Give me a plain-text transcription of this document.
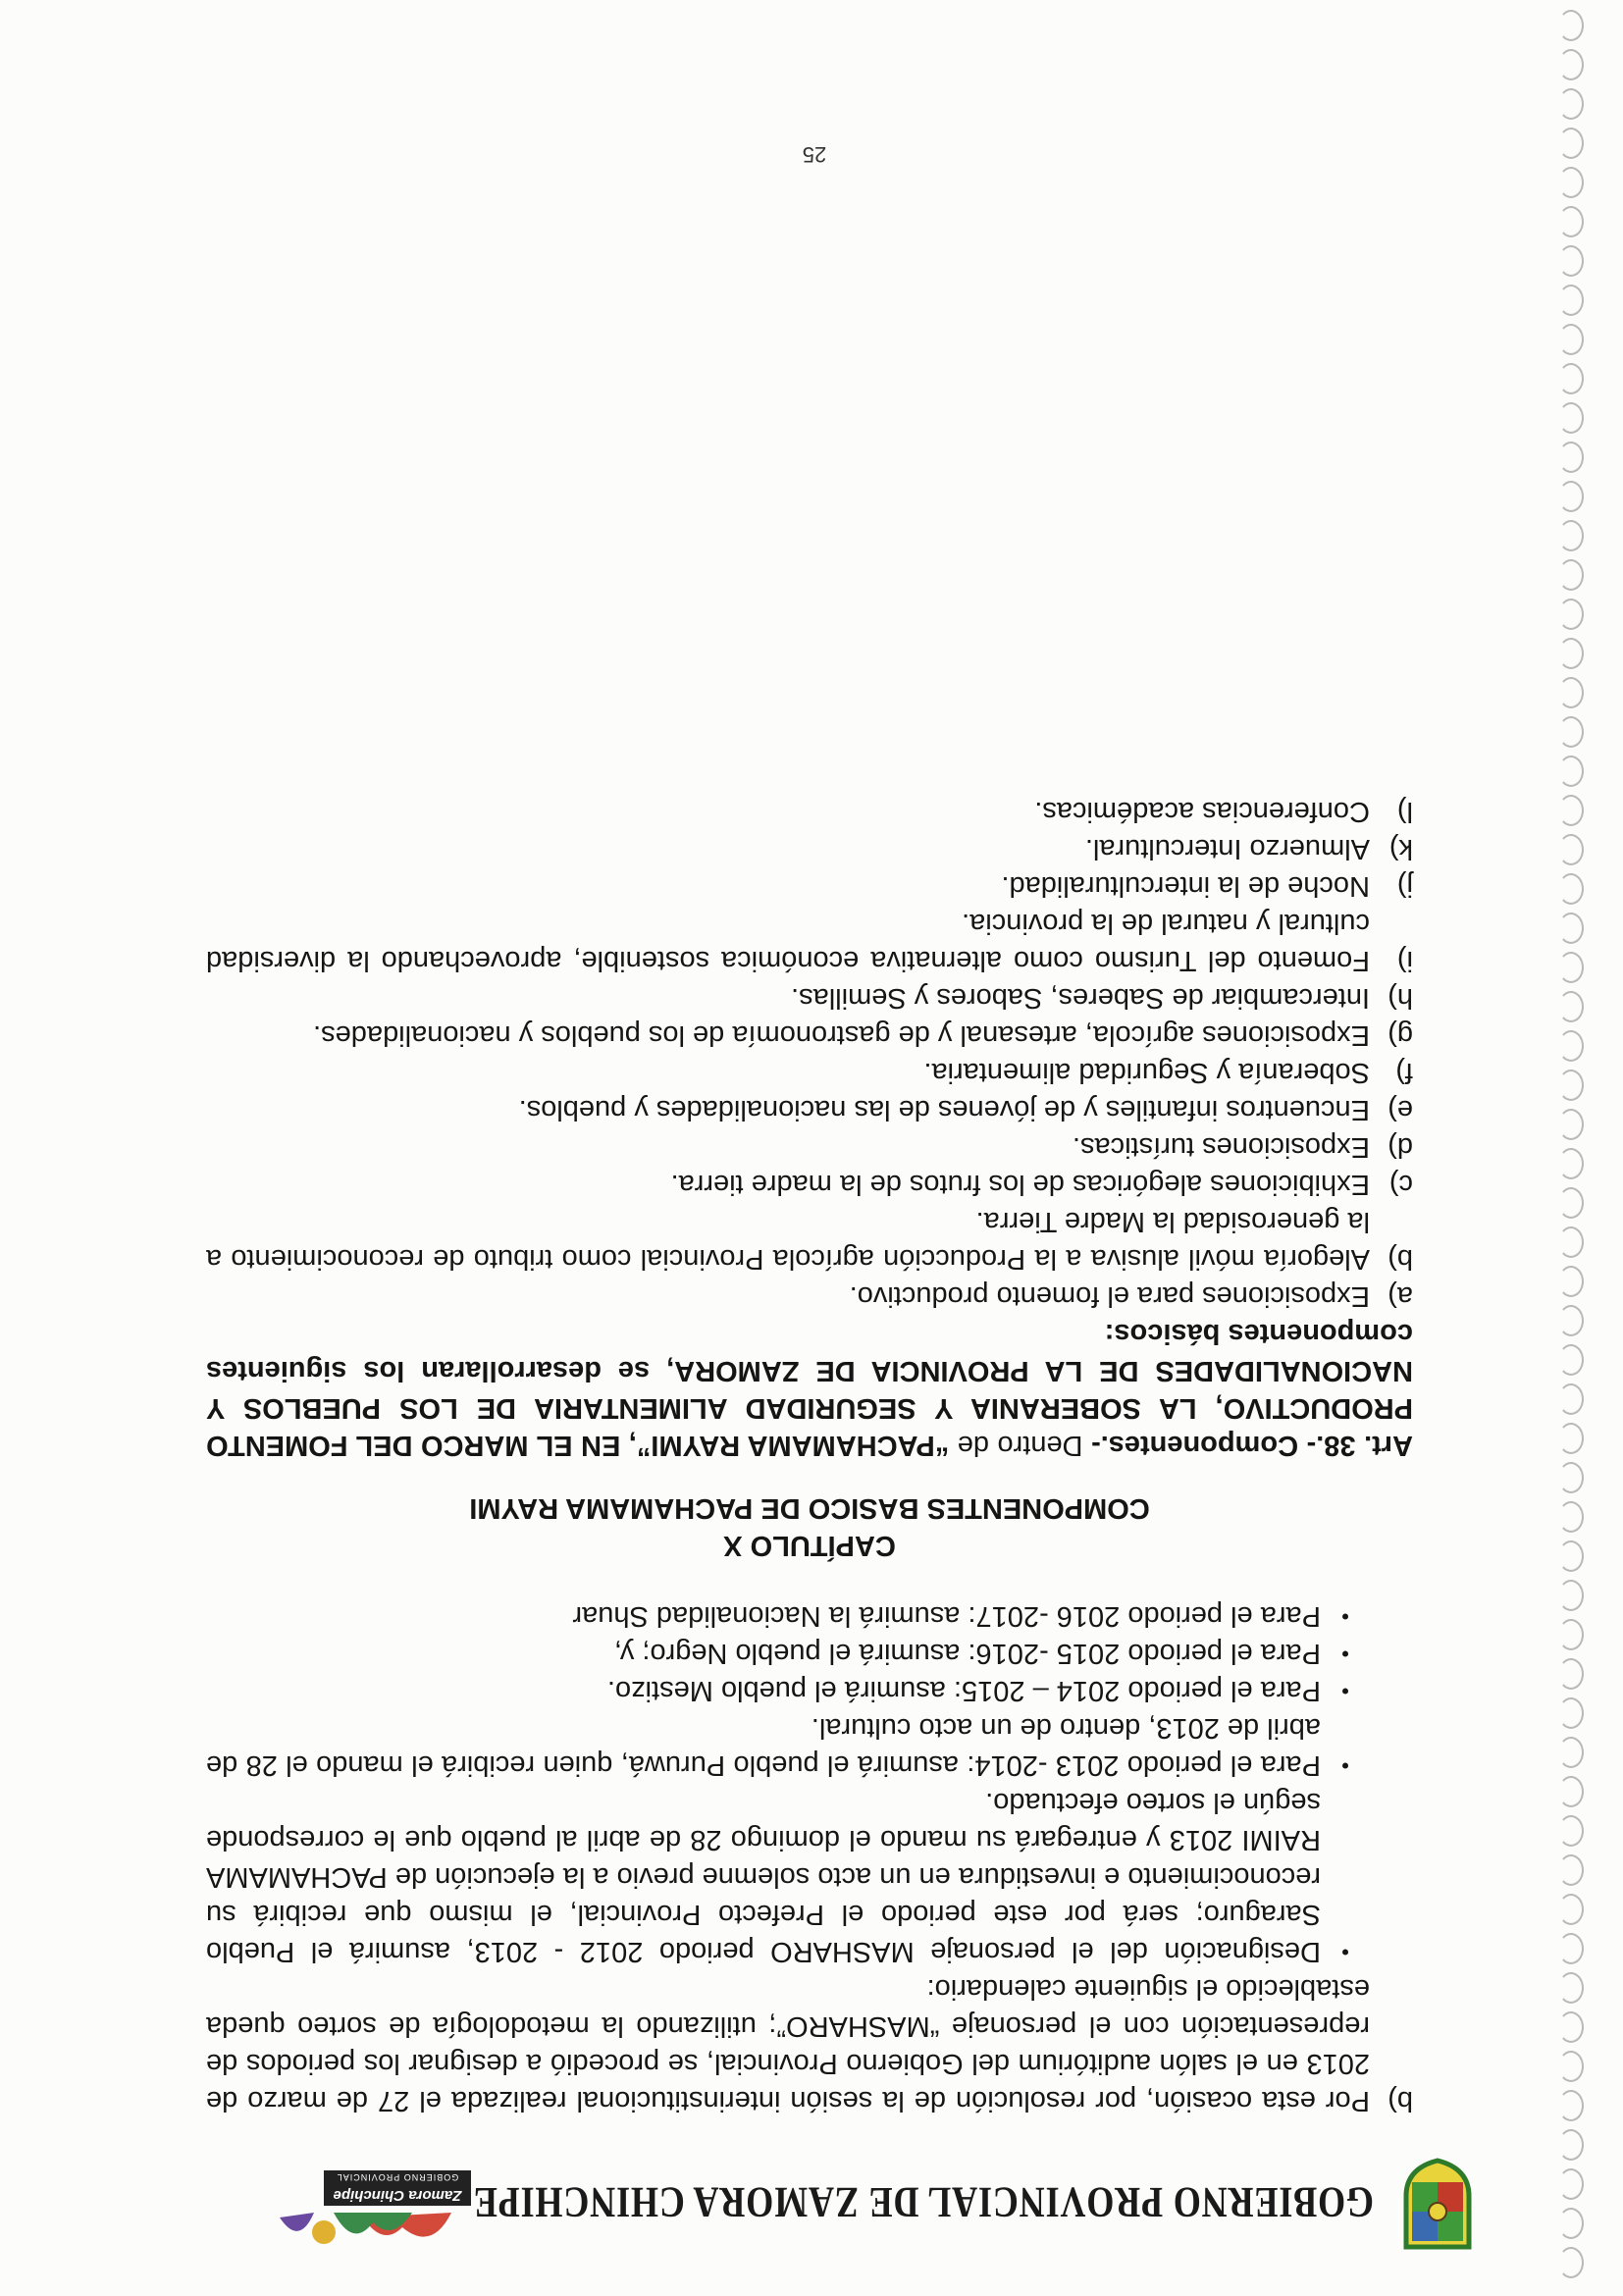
GOBIERNO PROVINCIAL DE ZAMORA CHINCHIPE
Zamora Chinchipe
GOBIERNO PROVINCIAL
b)
Por esta ocasión, por resolución de la sesión interinstitucional realizada el 27 de marzo de 2013 en el salón auditórium del Gobierno Provincial, se procedió a designar los periodos de representación con el personaje “MASHARO”; utilizando la metodología de sorteo queda establecido el siguiente calendario:
•
Designación del el personaje MASHARO periodo 2012 - 2013, asumirá el Pueblo Saraguro; será por este periodo el Prefecto Provincial, el mismo que recibirá su reconocimiento e investidura en un acto solemne previo a la ejecución de PACHAMAMA RAIMI 2013 y entregará su mando el domingo 28 de abril al pueblo que le corresponde según el sorteo efectuado.
•
Para el periodo 2013 -2014: asumirá el pueblo Puruwá, quien recibirá el mando el 28 de abril de 2013, dentro de un acto cultural.
•
Para el periodo 2014 – 2015: asumirá el pueblo Mestizo.
•
Para el periodo 2015 -2016: asumirá el pueblo Negro; y,
•
Para el periodo 2016 -2017: asumirá la Nacionalidad Shuar
CAPÍTULO X
COMPONENTES BASICO DE PACHAMAMA RAYMI
Art. 38.- Componentes.- Dentro de “PACHAMAMA RAYMI”, EN EL MARCO DEL FOMENTO PRODUCTIVO, LA SOBERANIA Y SEGURIDAD ALIMENTARIA DE LOS PUEBLOS Y NACIONALIDADES DE LA PROVINCIA DE ZAMORA, se desarrollaran los siguientes componentes básicos:
a)
Exposiciones para el fomento productivo.
b)
Alegoría móvil alusiva a la Producción agrícola Provincial como tributo de reconocimiento a la generosidad la Madre Tierra.
c)
Exhibiciones alegóricas de los frutos de la madre tierra.
d)
Exposiciones turísticas.
e)
Encuentros infantiles y de jóvenes de las nacionalidades y pueblos.
f)
Soberanía y Seguridad alimentaria.
g)
Exposiciones agrícola, artesanal y de gastronomía de los pueblos y nacionalidades.
h)
Intercambiar de Saberes, Sabores y Semillas.
i)
Fomento del Turismo como alternativa económica sostenible, aprovechando la diversidad cultural y natural de la provincia.
j)
Noche de la interculturalidad.
k)
Almuerzo Intercultural.
l)
Conferencias académicas.
25
